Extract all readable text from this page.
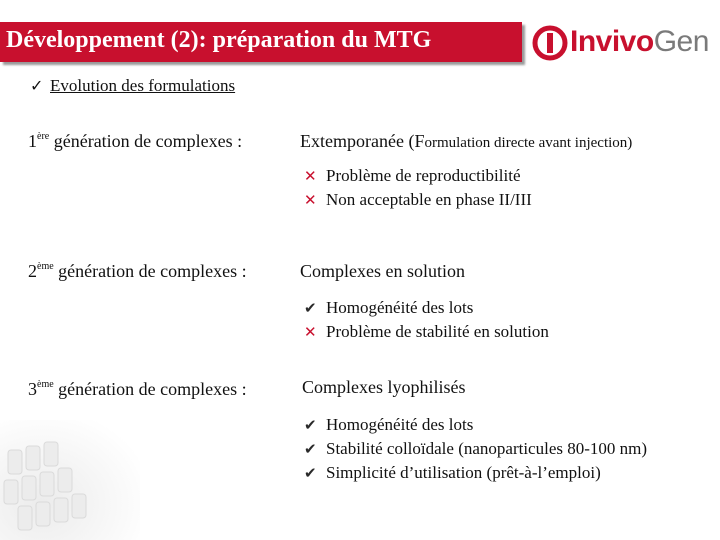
Développement (2): préparation du MTG	InvivoGen
✓ Evolution des formulations
1ère génération de complexes :	Extemporanée (Formulation directe avant injection)
✕ Problème de reproductibilité
✕ Non acceptable en phase II/III
2ème génération de complexes :	Complexes en solution
✔ Homogénéité des lots
✕ Problème de stabilité en solution
3ème génération de complexes :	Complexes lyophilisés
✔ Homogénéité des lots
✔ Stabilité colloïdale (nanoparticules 80-100 nm)
✔ Simplicité d’utilisation (prêt-à-l’emploi)
